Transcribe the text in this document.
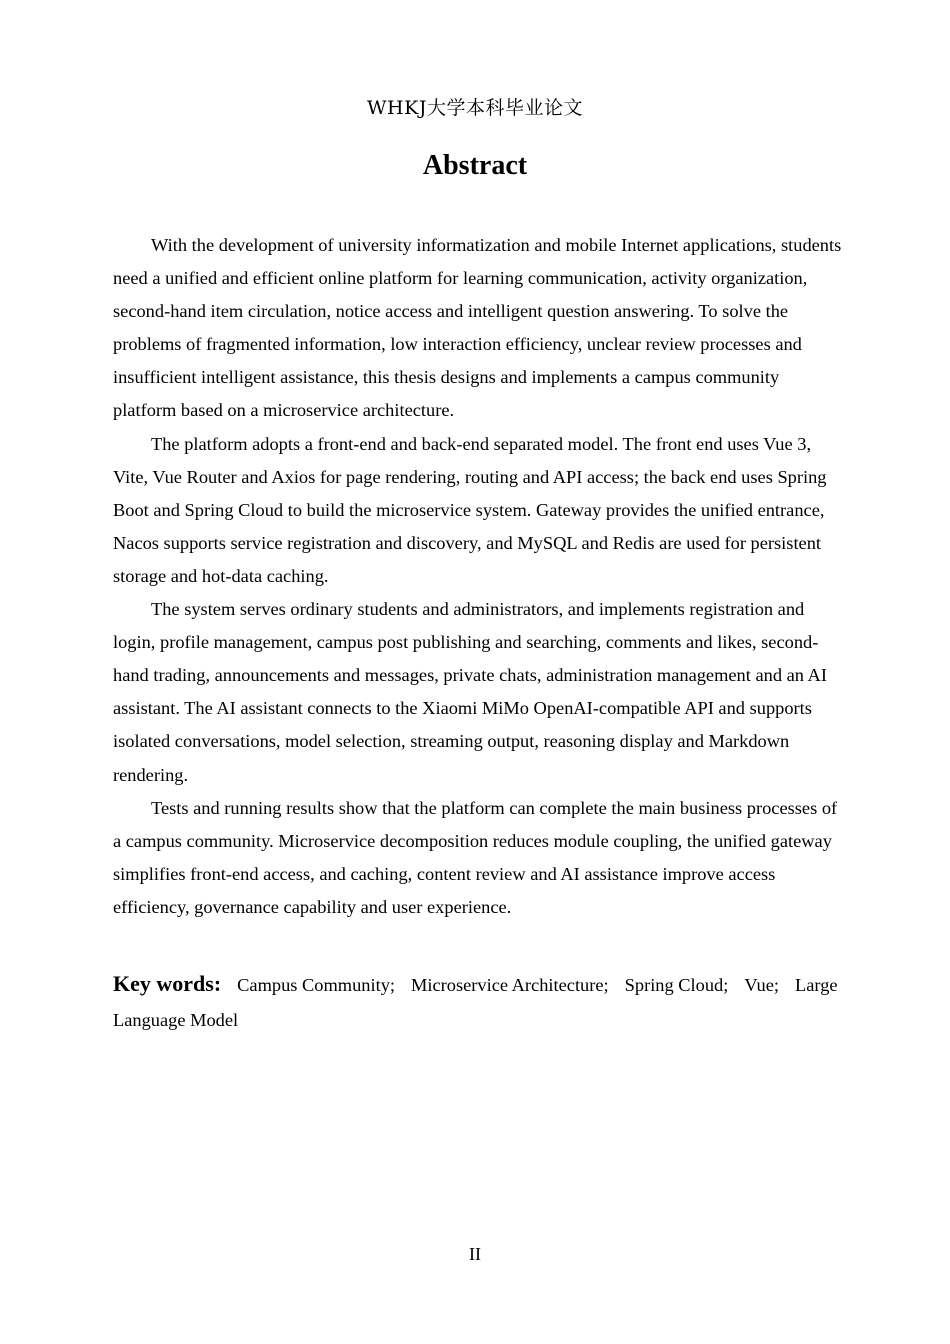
WHKJ大学本科毕业论文
Abstract

With the development of university informatization and mobile Internet applications, students need a unified and efficient online platform for learning communication, activity organization, second-hand item circulation, notice access and intelligent question answering. To solve the problems of fragmented information, low interaction efficiency, unclear review processes and insufficient intelligent assistance, this thesis designs and implements a campus community platform based on a microservice architecture.

The platform adopts a front-end and back-end separated model. The front end uses Vue 3, Vite, Vue Router and Axios for page rendering, routing and API access; the back end uses Spring Boot and Spring Cloud to build the microservice system. Gateway provides the unified entrance, Nacos supports service registration and discovery, and MySQL and Redis are used for persistent storage and hot-data caching.

The system serves ordinary students and administrators, and implements registration and login, profile management, campus post publishing and searching, comments and likes, second-hand trading, announcements and messages, private chats, administration management and an AI assistant. The AI assistant connects to the Xiaomi MiMo OpenAI-compatible API and supports isolated conversations, model selection, streaming output, reasoning display and Markdown rendering.

Tests and running results show that the platform can complete the main business processes of a campus community. Microservice decomposition reduces module coupling, the unified gateway simplifies front-end access, and caching, content review and AI assistance improve access efficiency, governance capability and user experience.

Key words: Campus Community; Microservice Architecture; Spring Cloud; Vue; Large Language Model
II
